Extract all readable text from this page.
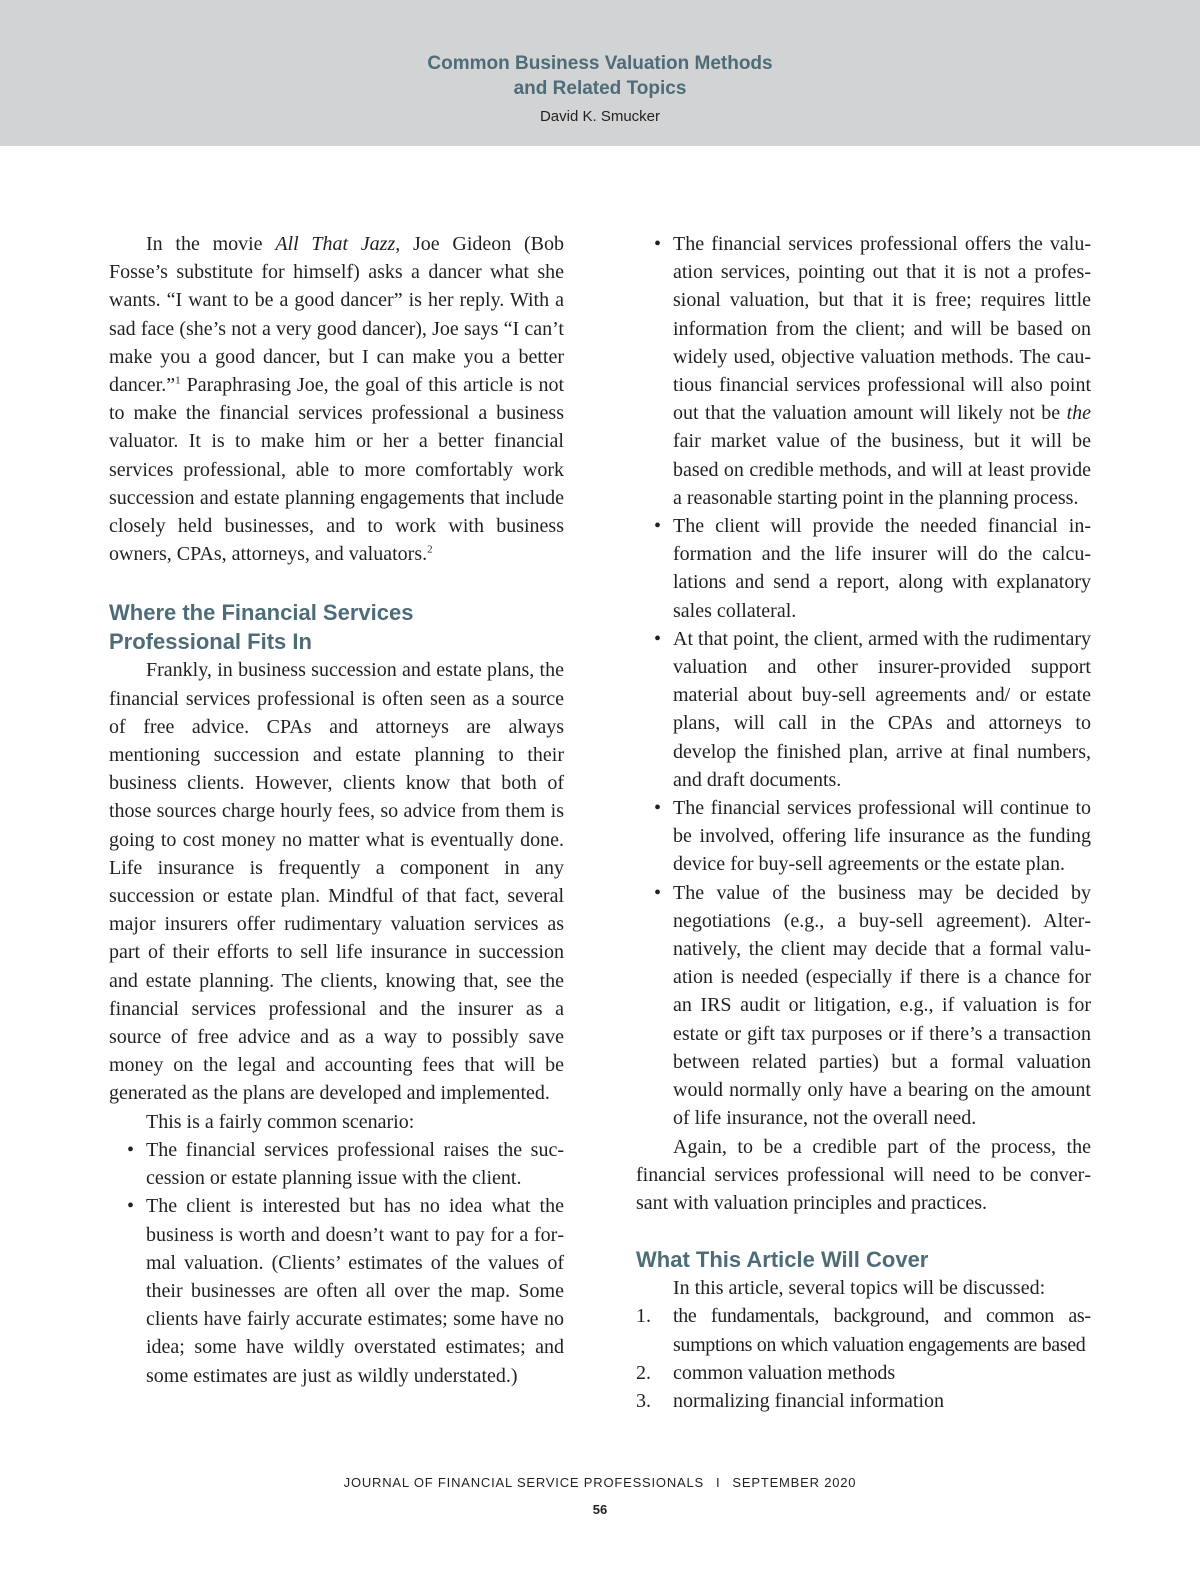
Common Business Valuation Methods
and Related Topics
David K. Smucker

In the movie All That Jazz, Joe Gideon (Bob Fosse’s substitute for himself) asks a dancer what she wants. “I want to be a good dancer” is her reply. With a sad face (she’s not a very good dancer), Joe says “I can’t make you a good dancer, but I can make you a better dancer.”$^1$ Paraphrasing Joe, the goal of this article is not to make the financial services professional a business valuator. It is to make him or her a better financial services professional, able to more comfortably work succession and estate planning engagements that include closely held businesses, and to work with business owners, CPAs, attorneys, and valuators.$^2$

Where the Financial Services
Professional Fits In

Frankly, in business succession and estate plans, the financial services professional is often seen as a source of free advice. CPAs and attorneys are always mentioning succession and estate planning to their business clients. However, clients know that both of those sources charge hourly fees, so advice from them is going to cost money no matter what is eventually done. Life insurance is frequently a component in any succession or estate plan. Mindful of that fact, several major insurers offer rudimentary valuation services as part of their efforts to sell life insurance in succession and estate planning. The clients, knowing that, see the financial services professional and the insurer as a source of free advice and as a way to possibly save money on the legal and accounting fees that will be generated as the plans are developed and implemented.

This is a fairly common scenario:

• The financial services professional raises the succession or estate planning issue with the client.
• The client is interested but has no idea what the business is worth and doesn’t want to pay for a formal valuation. (Clients’ estimates of the values of their businesses are often all over the map. Some clients have fairly accurate estimates; some have no idea; some have wildly overstated estimates; and some estimates are just as wildly understated.)
• The financial services professional offers the valuation services, pointing out that it is not a professional valuation, but that it is free; requires little information from the client; and will be based on widely used, objective valuation methods. The cautious financial services professional will also point out that the valuation amount will likely not be the fair market value of the business, but it will be based on credible methods, and will at least provide a reasonable starting point in the planning process.
• The client will provide the needed financial information and the life insurer will do the calculations and send a report, along with explanatory sales collateral.
• At that point, the client, armed with the rudimentary valuation and other insurer-provided support material about buy-sell agreements and/ or estate plans, will call in the CPAs and attorneys to develop the finished plan, arrive at final numbers, and draft documents.
• The financial services professional will continue to be involved, offering life insurance as the funding device for buy-sell agreements or the estate plan.
• The value of the business may be decided by negotiations (e.g., a buy-sell agreement). Alternatively, the client may decide that a formal valuation is needed (especially if there is a chance for an IRS audit or litigation, e.g., if valuation is for estate or gift tax purposes or if there’s a transaction between related parties) but a formal valuation would normally only have a bearing on the amount of life insurance, not the overall need.

Again, to be a credible part of the process, the financial services professional will need to be conversant with valuation principles and practices.

What This Article Will Cover

In this article, several topics will be discussed:

1. the fundamentals, background, and common assumptions on which valuation engagements are based
2. common valuation methods
3. normalizing financial information
JOURNAL OF FINANCIAL SERVICE PROFESSIONALS I SEPTEMBER 2020
56
